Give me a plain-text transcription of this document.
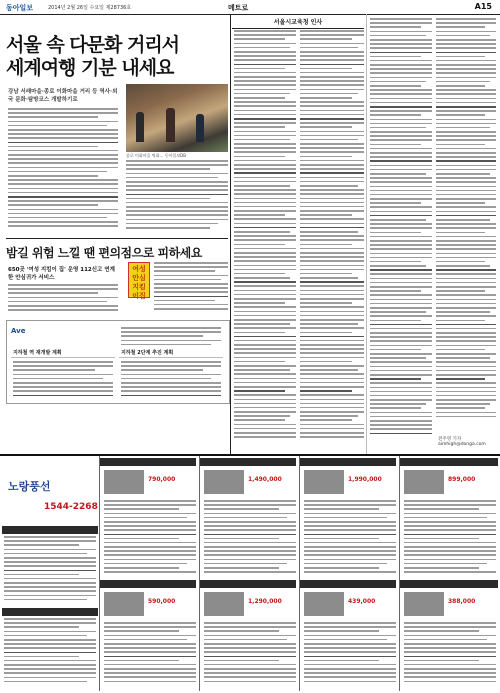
동아일보	2014년 2월 26일 수요일 제28736호	메트로	A15
서울 속 다문화 거리서
세계여행 기분 내세요
강남 서래마을·종로 이화마을 거리 등 역사·외국 문화·탐방코스 개발하기로
종로 이화마을 벽화… 동아일보DB
밤길 위험 느낄 땐 편의점으로 피하세요
650곳 '여성 지킴이 집' 운영 112신고 연계한 안심귀가 서비스
여성안심 지킴이집
Ave
지하철 역 재개발 계획	지하철 2단계 추진 계획
서울시교육청 인사
전주영 기자 aimhigh@donga.com
노랑풍선
1544-2268
790,000	1,490,000	1,990,000	899,000
590,000	1,290,000	439,000	388,000
